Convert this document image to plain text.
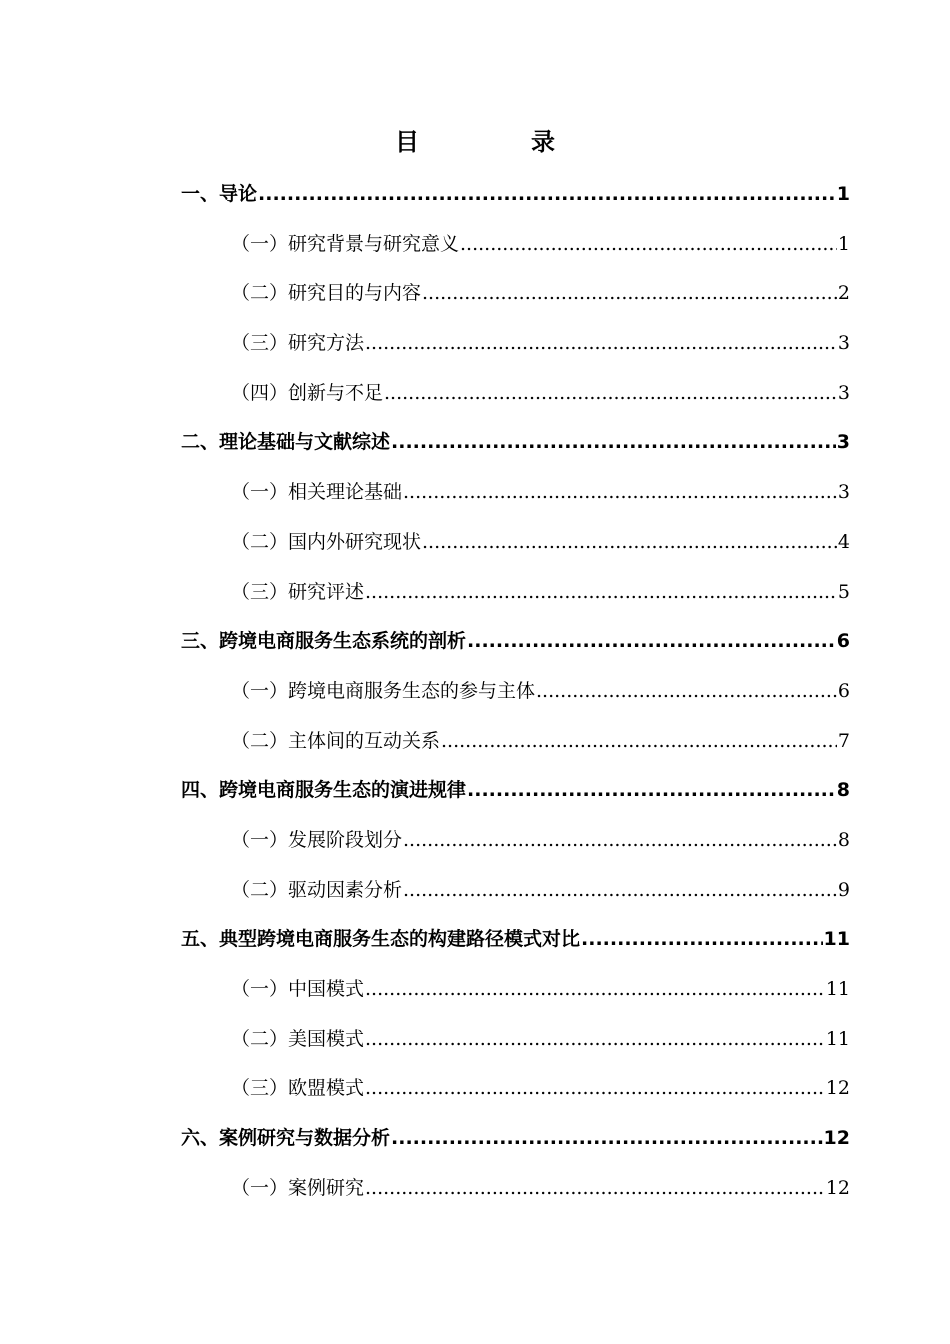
目　录
一、导论 .....	1
（一）研究背景与研究意义 .....	1
（二）研究目的与内容 .....	2
（三）研究方法 .....	3
（四）创新与不足 .....	3
二、理论基础与文献综述 .....	3
（一）相关理论基础 .....	3
（二）国内外研究现状 .....	4
（三）研究评述 .....	5
三、跨境电商服务生态系统的剖析 .....	6
（一）跨境电商服务生态的参与主体 .....	6
（二）主体间的互动关系 .....	7
四、跨境电商服务生态的演进规律 .....	8
（一）发展阶段划分 .....	8
（二）驱动因素分析 .....	9
五、典型跨境电商服务生态的构建路径模式对比 .....	11
（一）中国模式 .....	11
（二）美国模式 .....	11
（三）欧盟模式 .....	12
六、案例研究与数据分析 .....	12
（一）案例研究 .....	12
